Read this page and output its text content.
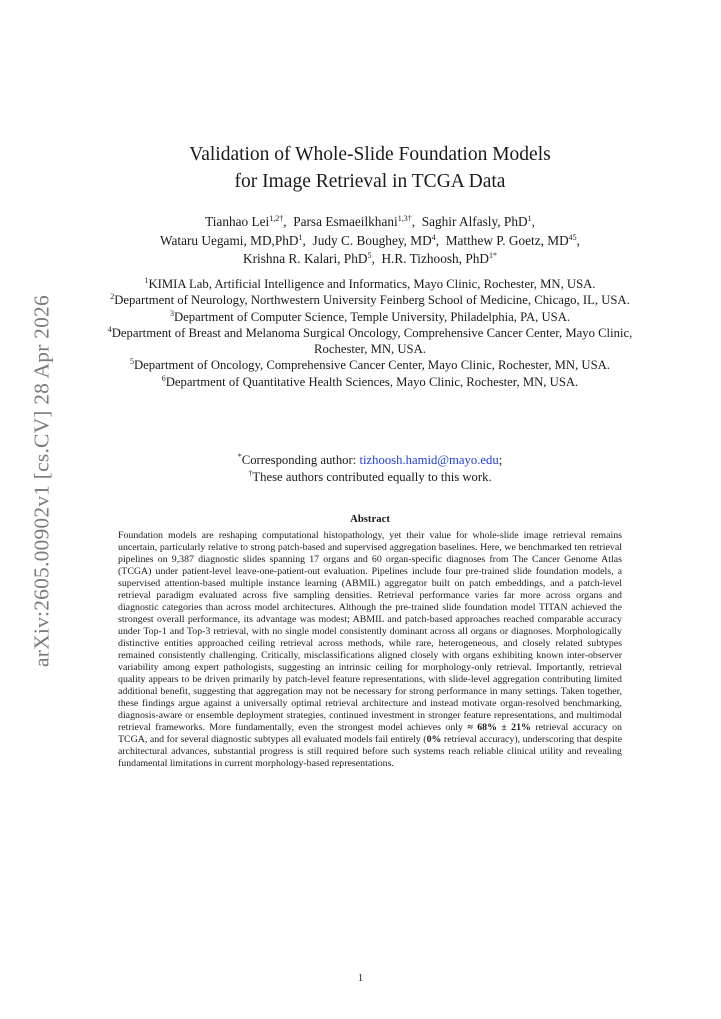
arXiv:2605.00902v1 [cs.CV] 28 Apr 2026
Validation of Whole-Slide Foundation Models
for Image Retrieval in TCGA Data
Tianhao Lei$^{1,2\dagger}$,  Parsa Esmaeilkhani$^{1,3\dagger}$,  Saghir Alfasly, PhD$^1$,
Wataru Uegami, MD,PhD$^1$,  Judy C. Boughey, $MD^4$,  Matthew P. Goetz, MD$^{45}$,
Krishna R. Kalari, PhD$^5$,  H.R. Tizhoosh, PhD$^{1*}$

$^1$KIMIA Lab, Artificial Intelligence and Informatics, Mayo Clinic, Rochester, MN, USA.

$^2$Department of Neurology, Northwestern University Feinberg School of Medicine, Chicago, IL, USA.

$^3$Department of Computer Science, Temple University, Philadelphia, PA, USA.

$^4$Department of Breast and Melanoma Surgical Oncology, Comprehensive Cancer Center, Mayo Clinic, Rochester, MN, USA.

$^5$Department of Oncology, Comprehensive Cancer Center, Mayo Clinic, Rochester, MN, USA.

$^6$Department of Quantitative Health Sciences, Mayo Clinic, Rochester, MN, USA.

*Corresponding author: tizhoosh.hamid@mayo.edu;
†These authors contributed equally to this work.
Abstract
Foundation models are reshaping computational histopathology, yet their value for whole-slide image retrieval remains uncertain, particularly relative to strong patch-based and supervised aggregation baselines. Here, we benchmarked ten retrieval pipelines on 9,387 diagnostic slides spanning 17 organs and 60 organ-specific diagnoses from The Cancer Genome Atlas (TCGA) under patient-level leave-one-patient-out evaluation. Pipelines include four pre-trained slide foundation models, a supervised attention-based multiple instance learning (ABMIL) aggregator built on patch embeddings, and a patch-level retrieval paradigm evaluated across five sampling densities. Retrieval performance varies far more across organs and diagnostic categories than across model architectures. Although the pre-trained slide foundation model TITAN achieved the strongest overall performance, its advantage was modest; ABMIL and patch-based approaches reached comparable accuracy under Top-1 and Top-3 retrieval, with no single model consistently dominant across all organs or diagnoses. Morphologically distinctive entities approached ceiling retrieval across methods, while rare, heterogeneous, and closely related subtypes remained consistently challenging. Critically, misclassifications aligned closely with organs exhibiting known inter-observer variability among expert pathologists, suggesting an intrinsic ceiling for morphology-only retrieval. Importantly, retrieval quality appears to be driven primarily by patch-level feature representations, with slide-level aggregation contributing limited additional benefit, suggesting that aggregation may not be necessary for strong performance in many settings. Taken together, these findings argue against a universally optimal retrieval architecture and instead motivate organ-resolved benchmarking, diagnosis-aware or ensemble deployment strategies, continued investment in stronger feature representations, and multimodal retrieval frameworks. More fundamentally, even the strongest model achieves only ≈ 68% ± 21% retrieval accuracy on TCGA, and for several diagnostic subtypes all evaluated models fail entirely (0% retrieval accuracy), underscoring that despite architectural advances, substantial progress is still required before such systems reach reliable clinical utility and revealing fundamental limitations in current morphology-based representations.
1
